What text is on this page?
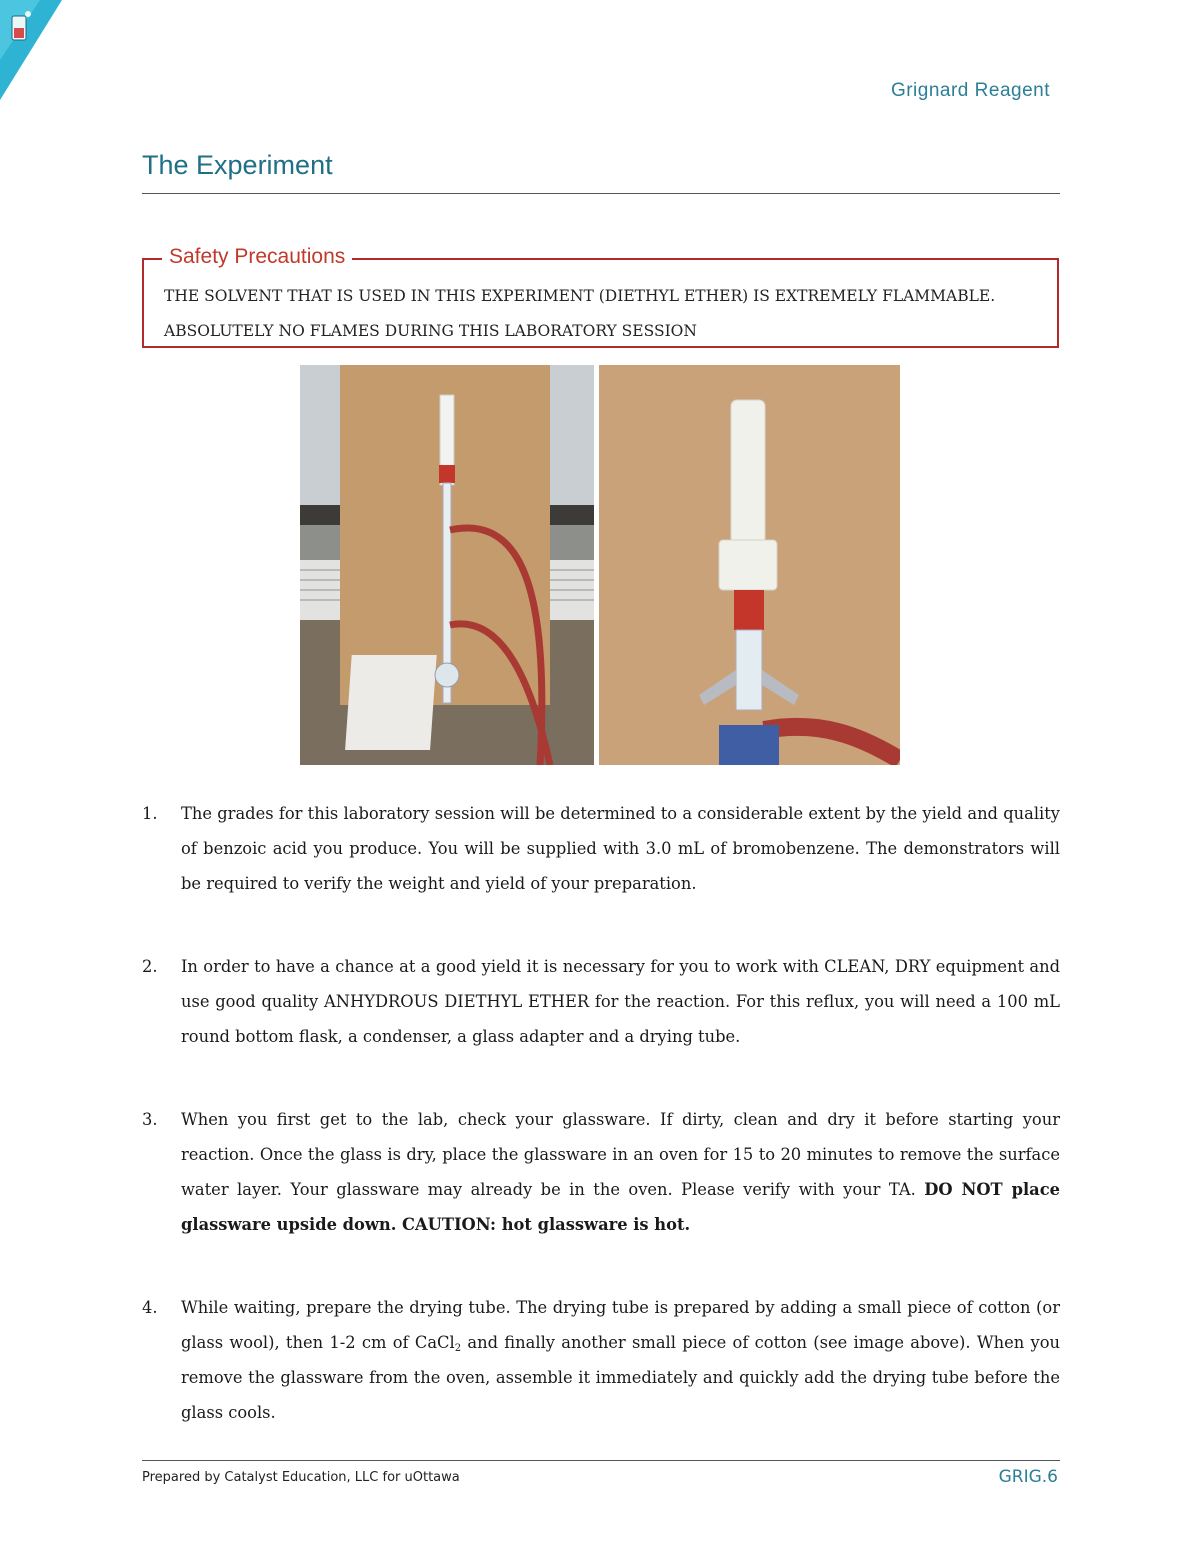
Grignard Reagent
The Experiment
Safety Precautions
THE SOLVENT THAT IS USED IN THIS EXPERIMENT (DIETHYL ETHER) IS EXTREMELY FLAMMABLE.
ABSOLUTELY NO FLAMES DURING THIS LABORATORY SESSION
1. The grades for this laboratory session will be determined to a considerable extent by the yield and quality of benzoic acid you produce. You will be supplied with 3.0 mL of bromobenzene. The demonstrators will be required to verify the weight and yield of your preparation.
2. In order to have a chance at a good yield it is necessary for you to work with CLEAN, DRY equipment and use good quality ANHYDROUS DIETHYL ETHER for the reaction. For this reflux, you will need a 100 mL round bottom flask, a condenser, a glass adapter and a drying tube.
3. When you first get to the lab, check your glassware. If dirty, clean and dry it before starting your reaction. Once the glass is dry, place the glassware in an oven for 15 to 20 minutes to remove the surface water layer. Your glassware may already be in the oven. Please verify with your TA. DO NOT place glassware upside down. CAUTION: hot glassware is hot.
4. While waiting, prepare the drying tube. The drying tube is prepared by adding a small piece of cotton (or glass wool), then 1-2 cm of CaCl$_2$ and finally another small piece of cotton (see image above). When you remove the glassware from the oven, assemble it immediately and quickly add the drying tube before the glass cools.
Prepared by Catalyst Education, LLC for uOttawa	GRIG.6
